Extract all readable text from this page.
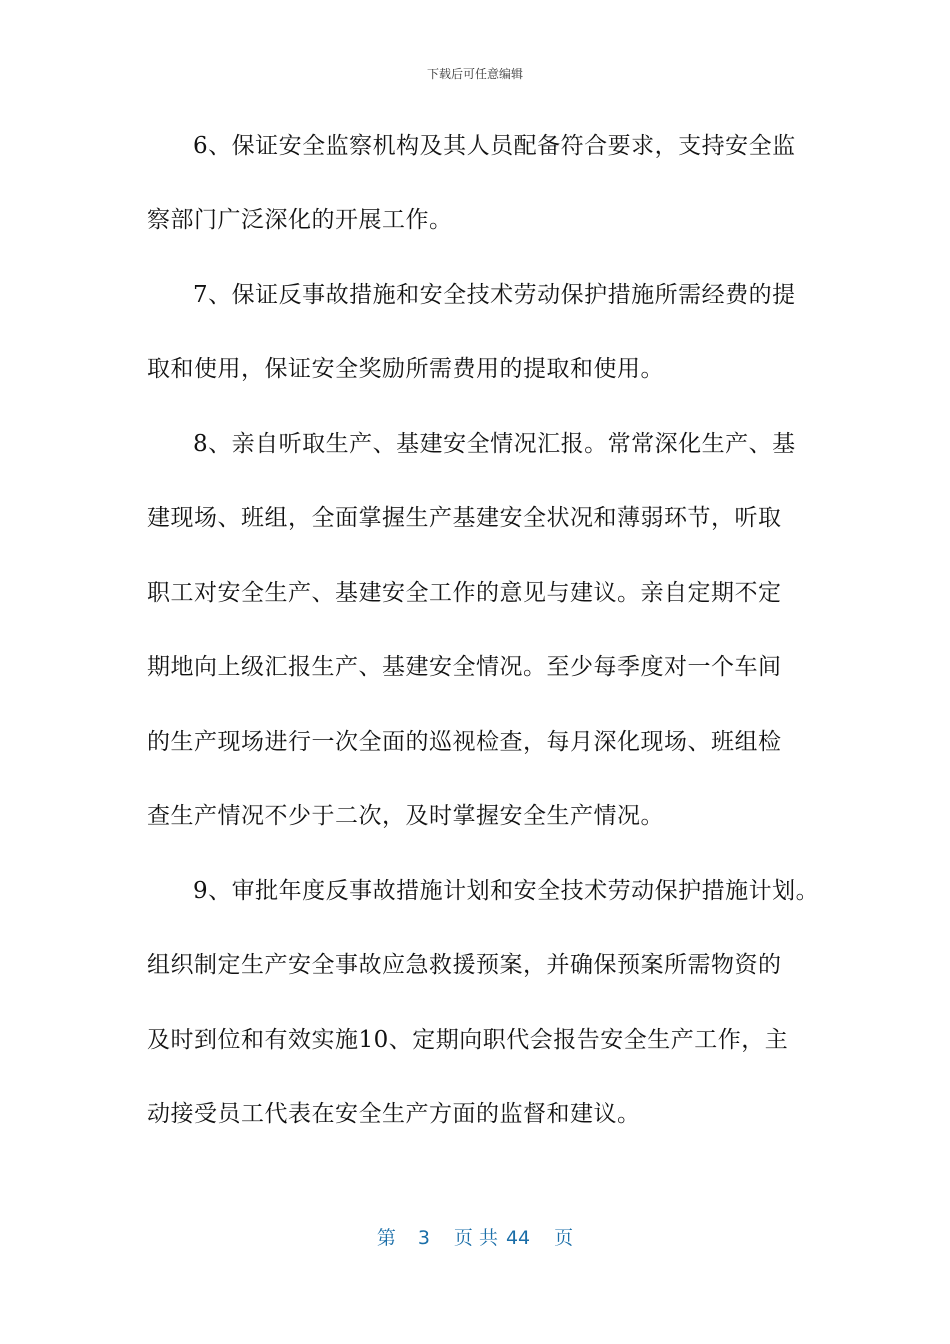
下载后可任意编辑
6、保证安全监察机构及其人员配备符合要求，支持安全监
察部门广泛深化的开展工作。
7、保证反事故措施和安全技术劳动保护措施所需经费的提
取和使用，保证安全奖励所需费用的提取和使用。
8、亲自听取生产、基建安全情况汇报。常常深化生产、基
建现场、班组，全面掌握生产基建安全状况和薄弱环节，听取
职工对安全生产、基建安全工作的意见与建议。亲自定期不定
期地向上级汇报生产、基建安全情况。至少每季度对一个车间
的生产现场进行一次全面的巡视检查，每月深化现场、班组检
查生产情况不少于二次，及时掌握安全生产情况。
9、审批年度反事故措施计划和安全技术劳动保护措施计划。
组织制定生产安全事故应急救援预案，并确保预案所需物资的
及时到位和有效实施10、定期向职代会报告安全生产工作，主
动接受员工代表在安全生产方面的监督和建议。
第 3 页 共 44 页
